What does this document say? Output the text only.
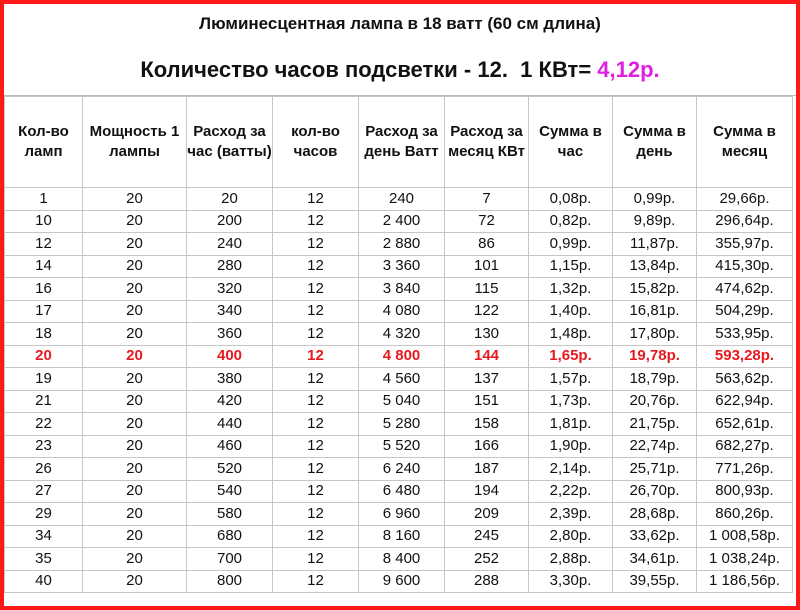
Люминесцентная лампа в 18 ватт (60 см длина)
Количество часов подсветки - 12.  1 КВт= 4,12р.
Кол-во ламп	Мощность 1 лампы	Расход за час (ватты)	кол-во часов	Расход за день Ватт	Расход за месяц КВт	Сумма в час	Сумма в день	Сумма в месяц
1	20	20	12	240	7	0,08р.	0,99р.	29,66р.
10	20	200	12	2 400	72	0,82р.	9,89р.	296,64р.
12	20	240	12	2 880	86	0,99р.	11,87р.	355,97р.
14	20	280	12	3 360	101	1,15р.	13,84р.	415,30р.
16	20	320	12	3 840	115	1,32р.	15,82р.	474,62р.
17	20	340	12	4 080	122	1,40р.	16,81р.	504,29р.
18	20	360	12	4 320	130	1,48р.	17,80р.	533,95р.
20	20	400	12	4 800	144	1,65р.	19,78р.	593,28р.
19	20	380	12	4 560	137	1,57р.	18,79р.	563,62р.
21	20	420	12	5 040	151	1,73р.	20,76р.	622,94р.
22	20	440	12	5 280	158	1,81р.	21,75р.	652,61р.
23	20	460	12	5 520	166	1,90р.	22,74р.	682,27р.
26	20	520	12	6 240	187	2,14р.	25,71р.	771,26р.
27	20	540	12	6 480	194	2,22р.	26,70р.	800,93р.
29	20	580	12	6 960	209	2,39р.	28,68р.	860,26р.
34	20	680	12	8 160	245	2,80р.	33,62р.	1 008,58р.
35	20	700	12	8 400	252	2,88р.	34,61р.	1 038,24р.
40	20	800	12	9 600	288	3,30р.	39,55р.	1 186,56р.
